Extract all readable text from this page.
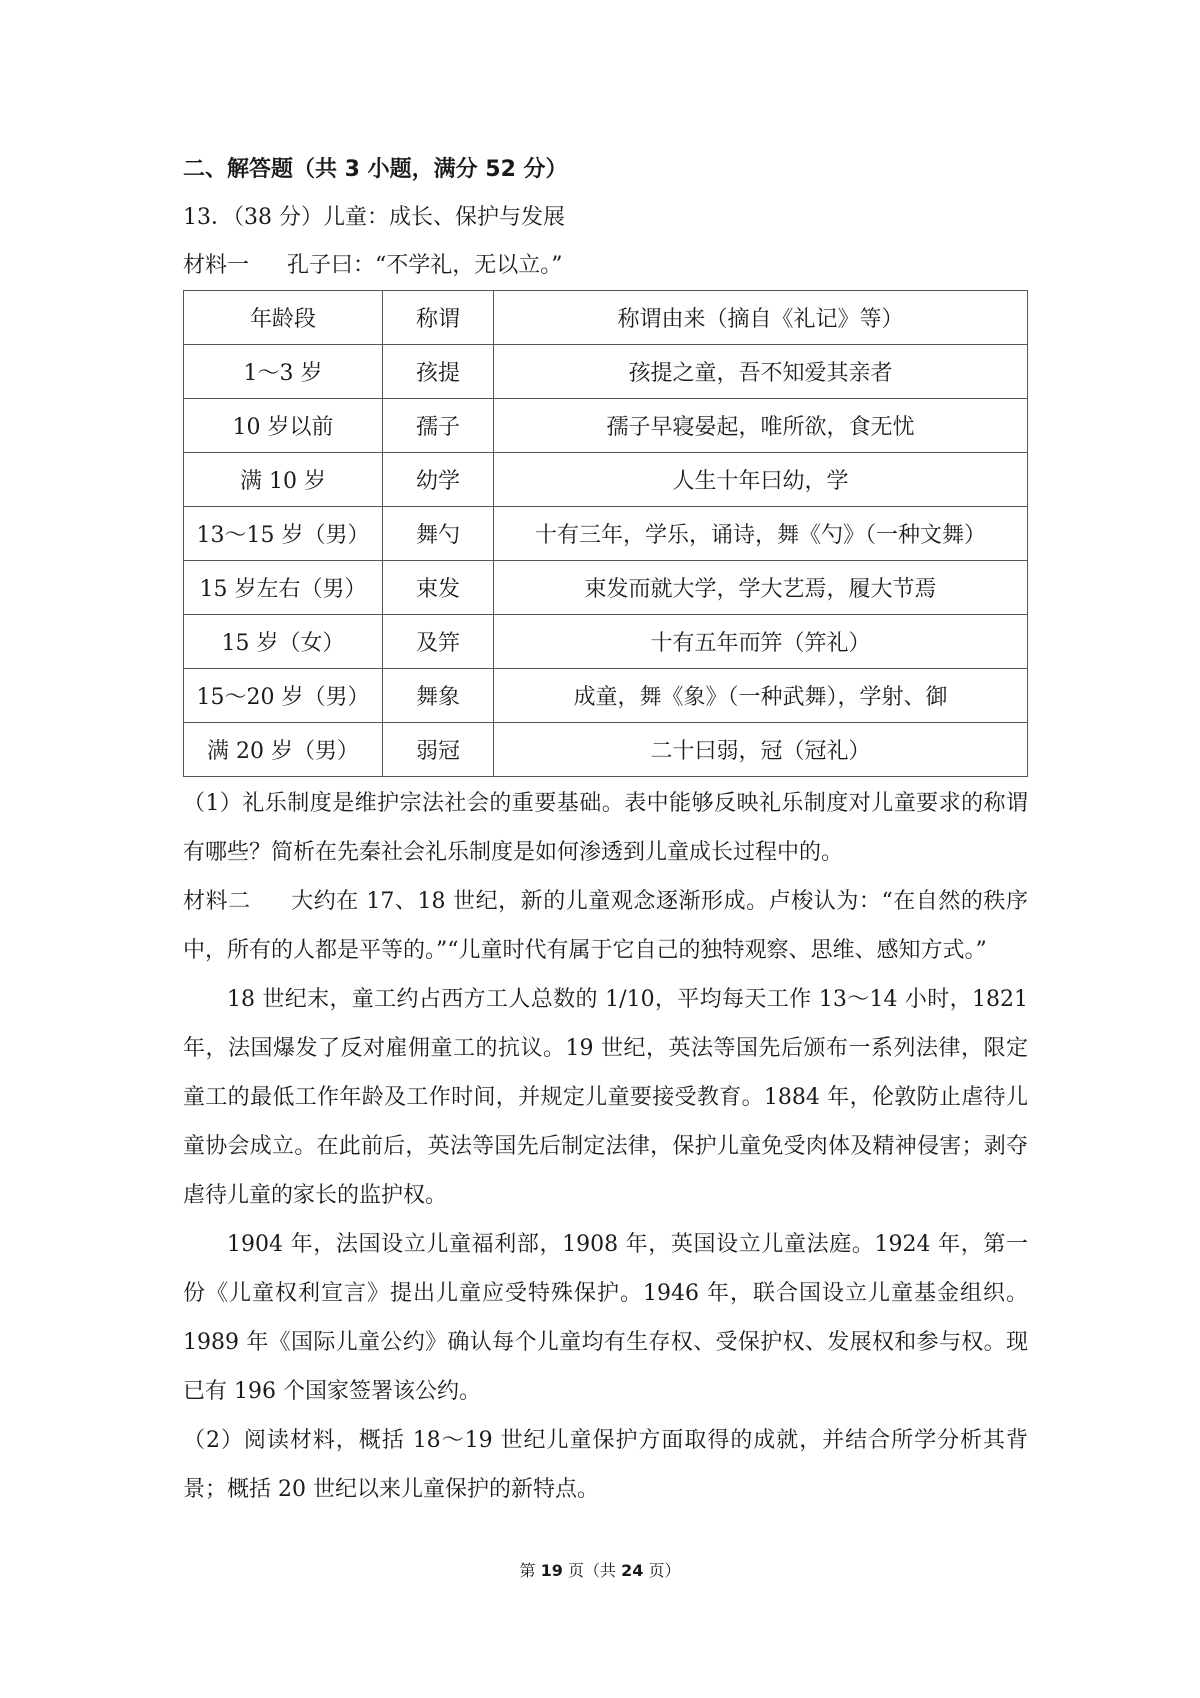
二、解答题（共 3 小题，满分 52 分）
13．（38 分）儿童：成长、保护与发展
材料一 孔子曰：“不学礼，无以立。”
年龄段	称谓	称谓由来（摘自《礼记》等）
1～3 岁	孩提	孩提之童，吾不知爱其亲者
10 岁以前	孺子	孺子早寝晏起，唯所欲，食无忧
满 10 岁	幼学	人生十年曰幼，学
13～15 岁（男）	舞勺	十有三年，学乐，诵诗，舞《勺》（一种文舞）
15 岁左右（男）	束发	束发而就大学，学大艺焉，履大节焉
15 岁（女）	及笄	十有五年而笄（笄礼）
15～20 岁（男）	舞象	成童，舞《象》（一种武舞），学射、御
满 20 岁（男）	弱冠	二十曰弱，冠（冠礼）

（1）礼乐制度是维护宗法社会的重要基础。表中能够反映礼乐制度对儿童要求的称谓有哪些？简析在先秦社会礼乐制度是如何渗透到儿童成长过程中的。

材料二 大约在 17、18 世纪，新的儿童观念逐渐形成。卢梭认为：“在自然的秩序中，所有的人都是平等的。”“儿童时代有属于它自己的独特观察、思维、感知方式。”

18 世纪末，童工约占西方工人总数的 1/10，平均每天工作 13～14 小时，1821 年，法国爆发了反对雇佣童工的抗议。19 世纪，英法等国先后颁布一系列法律，限定童工的最低工作年龄及工作时间，并规定儿童要接受教育。1884 年，伦敦防止虐待儿童协会成立。在此前后，英法等国先后制定法律，保护儿童免受肉体及精神侵害；剥夺虐待儿童的家长的监护权。

1904 年，法国设立儿童福利部，1908 年，英国设立儿童法庭。1924 年，第一份《儿童权利宣言》提出儿童应受特殊保护。1946 年，联合国设立儿童基金组织。1989 年《国际儿童公约》确认每个儿童均有生存权、受保护权、发展权和参与权。现已有 196 个国家签署该公约。

（2）阅读材料，概括 18～19 世纪儿童保护方面取得的成就，并结合所学分析其背景；概括 20 世纪以来儿童保护的新特点。

第 19 页（共 24 页）
